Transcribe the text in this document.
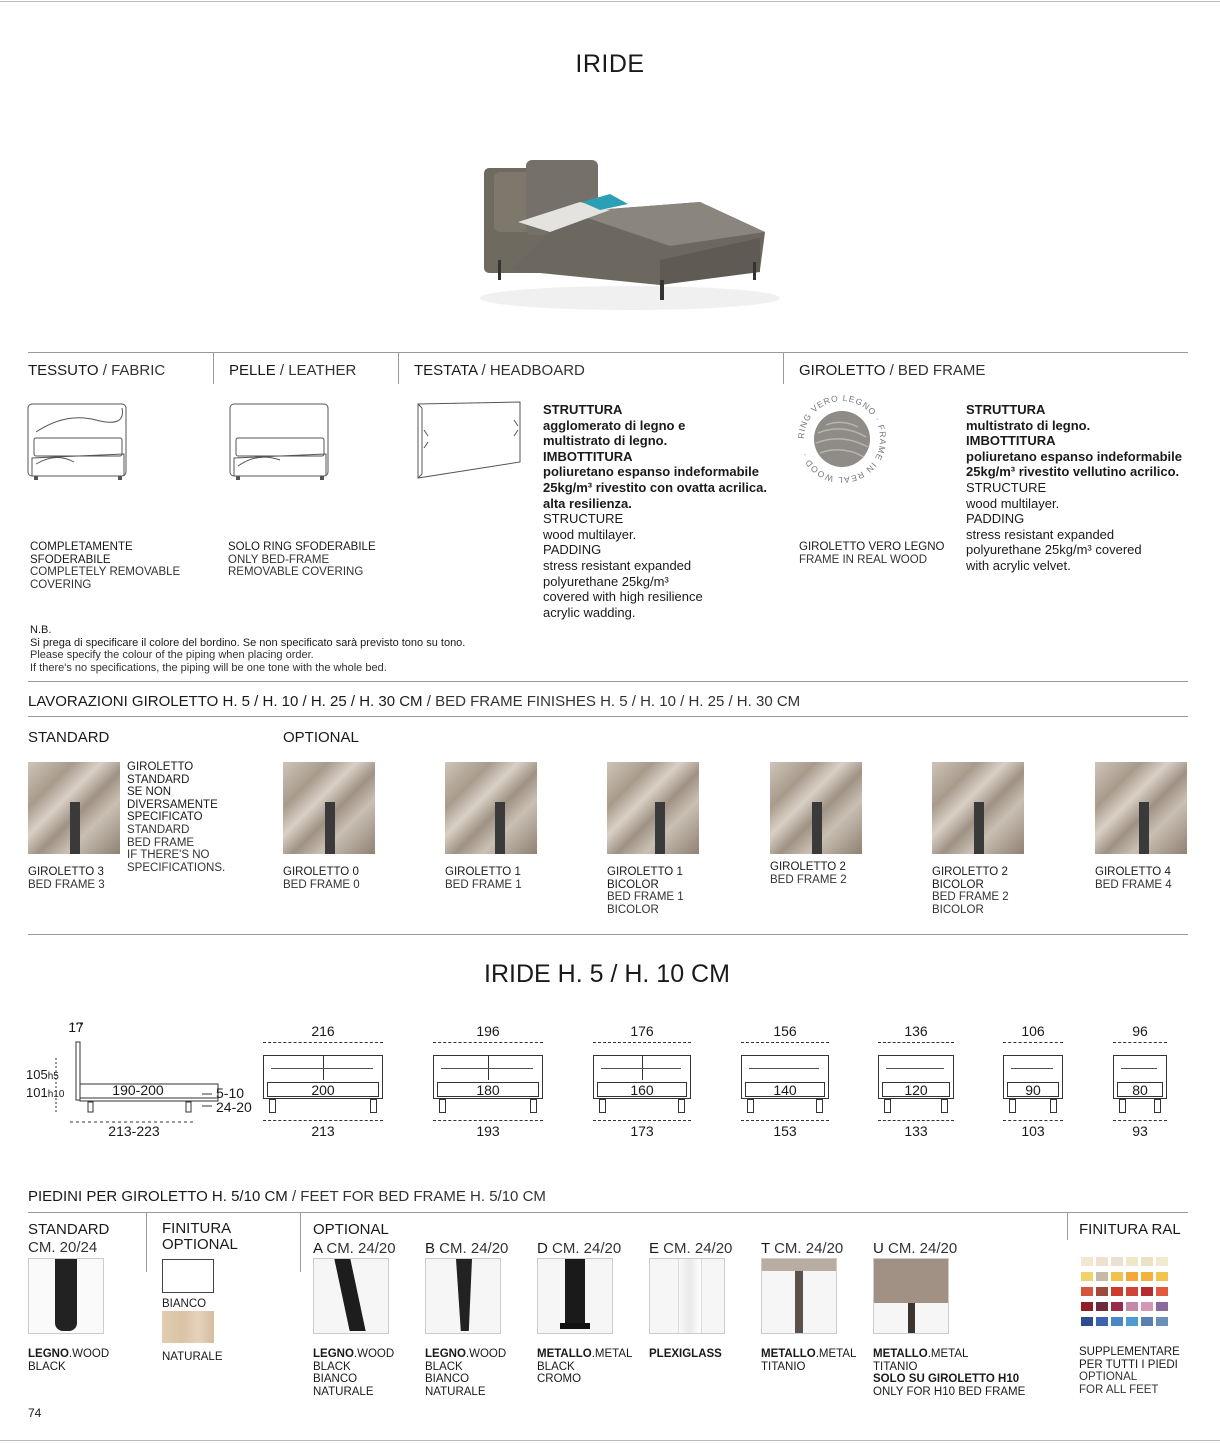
IRIDE
TESSUTO / FABRIC	PELLE / LEATHER	TESTATA / HEADBOARD	GIROLETTO / BED FRAME
COMPLETAMENTE
SFODERABILE
COMPLETELY REMOVABLE
COVERING
SOLO RING SFODERABILE
ONLY BED-FRAME
REMOVABLE COVERING
STRUTTURA
agglomerato di legno e
multistrato di legno.
IMBOTTITURA
poliuretano espanso indeformabile
25kg/m³ rivestito con ovatta acrilica.
alta resilienza.
STRUCTURE
wood multilayer.
PADDING
stress resistant expanded
polyurethane 25kg/m³
covered with high resilience
acrylic wadding.
RING VERO LEGNO · FRAME IN REAL WOOD ·
GIROLETTO VERO LEGNO
FRAME IN REAL WOOD
STRUTTURA
multistrato di legno.
IMBOTTITURA
poliuretano espanso indeformabile
25kg/m³ rivestito vellutino acrilico.
STRUCTURE
wood multilayer.
PADDING
stress resistant expanded
polyurethane 25kg/m³ covered
with acrylic velvet.
N.B.
Si prega di specificare il colore del bordino. Se non specificato sarà previsto tono su tono.
Please specify the colour of the piping when placing order.
If there's no specifications, the piping will be one tone with the whole bed.
LAVORAZIONI GIROLETTO H. 5 / H. 10 / H. 25 / H. 30 CM / BED FRAME FINISHES H. 5 / H. 10 / H. 25 / H. 30 CM
STANDARD	OPTIONAL
GIROLETTO
STANDARD
SE NON
DIVERSAMENTE
SPECIFICATO
STANDARD
BED FRAME
IF THERE'S NO
SPECIFICATIONS.
GIROLETTO 3
BED FRAME 3
GIROLETTO 0
BED FRAME 0
GIROLETTO 1
BED FRAME 1
GIROLETTO 1
BICOLOR
BED FRAME 1
BICOLOR
GIROLETTO 2
BED FRAME 2
GIROLETTO 2
BICOLOR
BED FRAME 2
BICOLOR
GIROLETTO 4
BED FRAME 4
IRIDE H. 5 / H. 10 CM
17
105h5
101h10	190-200
213-223
5-10
24-20
216
200
213
196
180
193
176
160
173
156
140
153
136
120
133
106
90
103
96
80
93
PIEDINI PER GIROLETTO H. 5/10 CM / FEET FOR BED FRAME H. 5/10 CM
STANDARD
CM. 20/24
FINITURA
OPTIONAL
OPTIONAL	FINITURA RAL
LEGNO.WOOD
BLACK
BIANCO
NATURALE
A CM. 24/20
LEGNO.WOOD
BLACK
BIANCO
NATURALE
B CM. 24/20
LEGNO.WOOD
BLACK
BIANCO
NATURALE
D CM. 24/20
METALLO.METAL
BLACK
CROMO
E CM. 24/20
PLEXIGLASS
T CM. 24/20
METALLO.METAL
TITANIO
U CM. 24/20
METALLO.METAL
TITANIO
SOLO SU GIROLETTO H10
ONLY FOR H10 BED FRAME
SUPPLEMENTARE
PER TUTTI I PIEDI
OPTIONAL
FOR ALL FEET
74
